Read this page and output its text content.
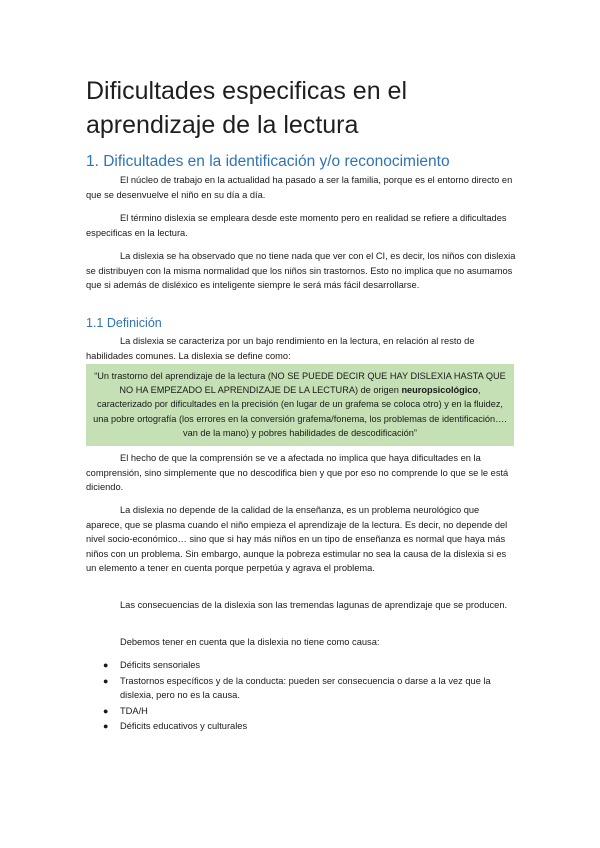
Dificultades especificas en el aprendizaje de la lectura
1. Dificultades en la identificación y/o reconocimiento

El núcleo de trabajo en la actualidad ha pasado a ser la familia, porque es el entorno directo en que se desenvuelve el niño en su día a día.

El término dislexia se empleara desde este momento pero en realidad se refiere a dificultades especificas en la lectura.

La dislexia se ha observado que no tiene nada que ver con el CI, es decir, los niños con dislexia se distribuyen con la misma normalidad que los niños sin trastornos. Esto no implica que no asumamos que si además de disléxico es inteligente siempre le será más fácil desarrollarse.

1.1 Definición

La dislexia se caracteriza por un bajo rendimiento en la lectura, en relación al resto de habilidades comunes. La dislexia se define como:

“Un trastorno del aprendizaje de la lectura (NO SE PUEDE DECIR QUE HAY DISLEXIA HASTA QUE NO HA EMPEZADO EL APRENDIZAJE DE LA LECTURA) de origen neuropsicológico, caracterizado por dificultades en la precisión (en lugar de un grafema se coloca otro) y en la fluidez, una pobre ortografía (los errores en la conversión grafema/fonema, los problemas de identificación…. van de la mano) y pobres habilidades de descodificación”

El hecho de que la comprensión se ve a afectada no implica que haya dificultades en la comprensión, sino simplemente que no descodifica bien y que por eso no comprende lo que se le está diciendo.

La dislexia no depende de la calidad de la enseñanza, es un problema neurológico que aparece, que se plasma cuando el niño empieza el aprendizaje de la lectura. Es decir, no depende del nivel socio-económico… sino que si hay más niños en un tipo de enseñanza es normal que haya más niños con un problema. Sin embargo, aunque la pobreza estimular no sea la causa de la dislexia si es un elemento a tener en cuenta porque perpetúa y agrava el problema.

Las consecuencias de la dislexia son las tremendas lagunas de aprendizaje que se producen.

Debemos tener en cuenta que la dislexia no tiene como causa:

● Déficits sensoriales
● Trastornos específicos y de la conducta: pueden ser consecuencia o darse a la vez que la dislexia, pero no es la causa.
● TDA/H
● Déficits educativos y culturales
